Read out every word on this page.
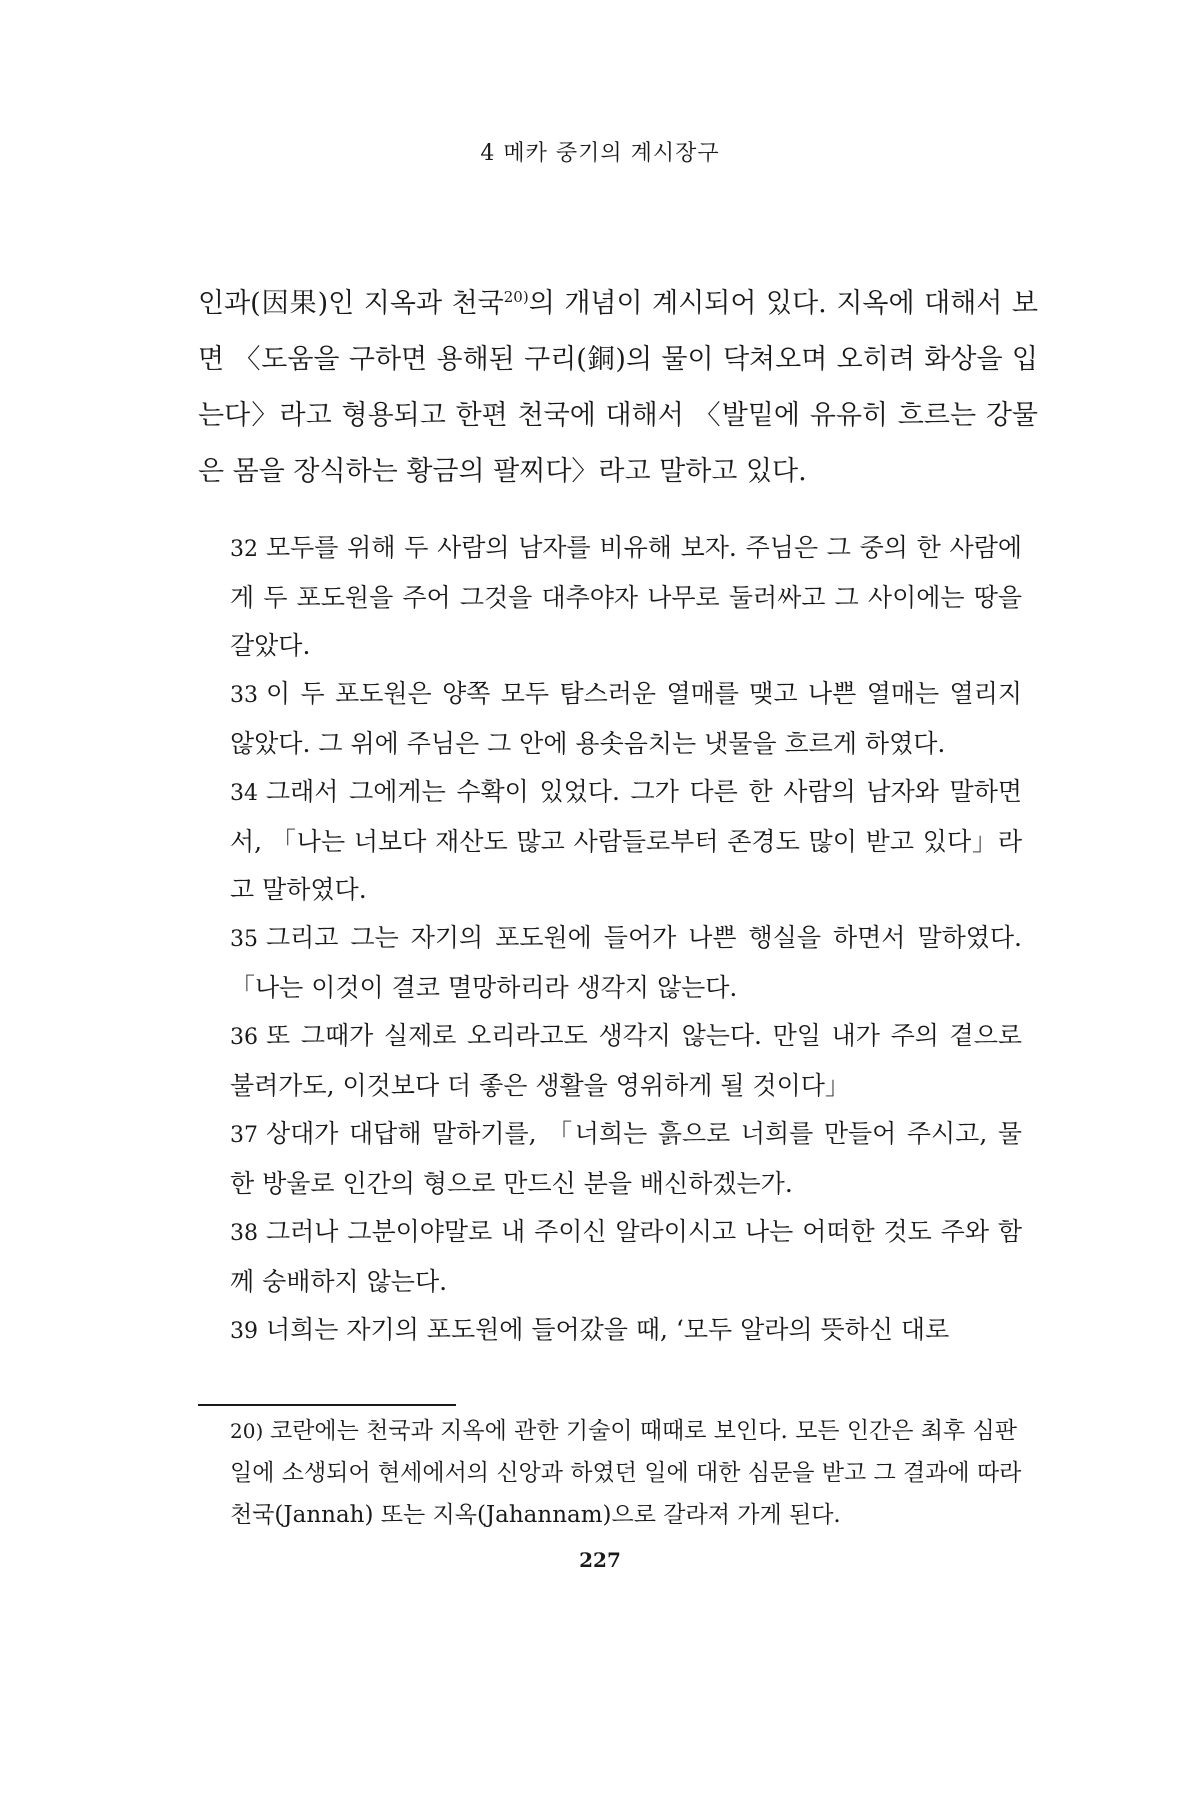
4 메카 중기의 계시장구

인과(因果)인 지옥과 천국$^{20)}$의 개념이 계시되어 있다. 지옥에 대해서 보면 〈도움을 구하면 용해된 구리(銅)의 물이 닥쳐오며 오히려 화상을 입는다〉라고 형용되고 한편 천국에 대해서 〈발밑에 유유히 흐르는 강물은 몸을 장식하는 황금의 팔찌다〉라고 말하고 있다.

32 모두를 위해 두 사람의 남자를 비유해 보자. 주님은 그 중의 한 사람에게 두 포도원을 주어 그것을 대추야자 나무로 둘러싸고 그 사이에는 땅을 갈았다.
33 이 두 포도원은 양쪽 모두 탐스러운 열매를 맺고 나쁜 열매는 열리지 않았다. 그 위에 주님은 그 안에 용솟음치는 냇물을 흐르게 하였다.
34 그래서 그에게는 수확이 있었다. 그가 다른 한 사람의 남자와 말하면서, 「나는 너보다 재산도 많고 사람들로부터 존경도 많이 받고 있다」라고 말하였다.
35 그리고 그는 자기의 포도원에 들어가 나쁜 행실을 하면서 말하였다.「나는 이것이 결코 멸망하리라 생각지 않는다.
36 또 그때가 실제로 오리라고도 생각지 않는다. 만일 내가 주의 곁으로 불려가도, 이것보다 더 좋은 생활을 영위하게 될 것이다」
37 상대가 대답해 말하기를, 「너희는 흙으로 너희를 만들어 주시고, 물 한 방울로 인간의 형으로 만드신 분을 배신하겠는가.
38 그러나 그분이야말로 내 주이신 알라이시고 나는 어떠한 것도 주와 함께 숭배하지 않는다.
39 너희는 자기의 포도원에 들어갔을 때, ‘모두 알라의 뜻하신 대로

20) 코란에는 천국과 지옥에 관한 기술이 때때로 보인다. 모든 인간은 최후 심판일에 소생되어 현세에서의 신앙과 하였던 일에 대한 심문을 받고 그 결과에 따라 천국(Jannah) 또는 지옥(Jahannam)으로 갈라져 가게 된다.

227
